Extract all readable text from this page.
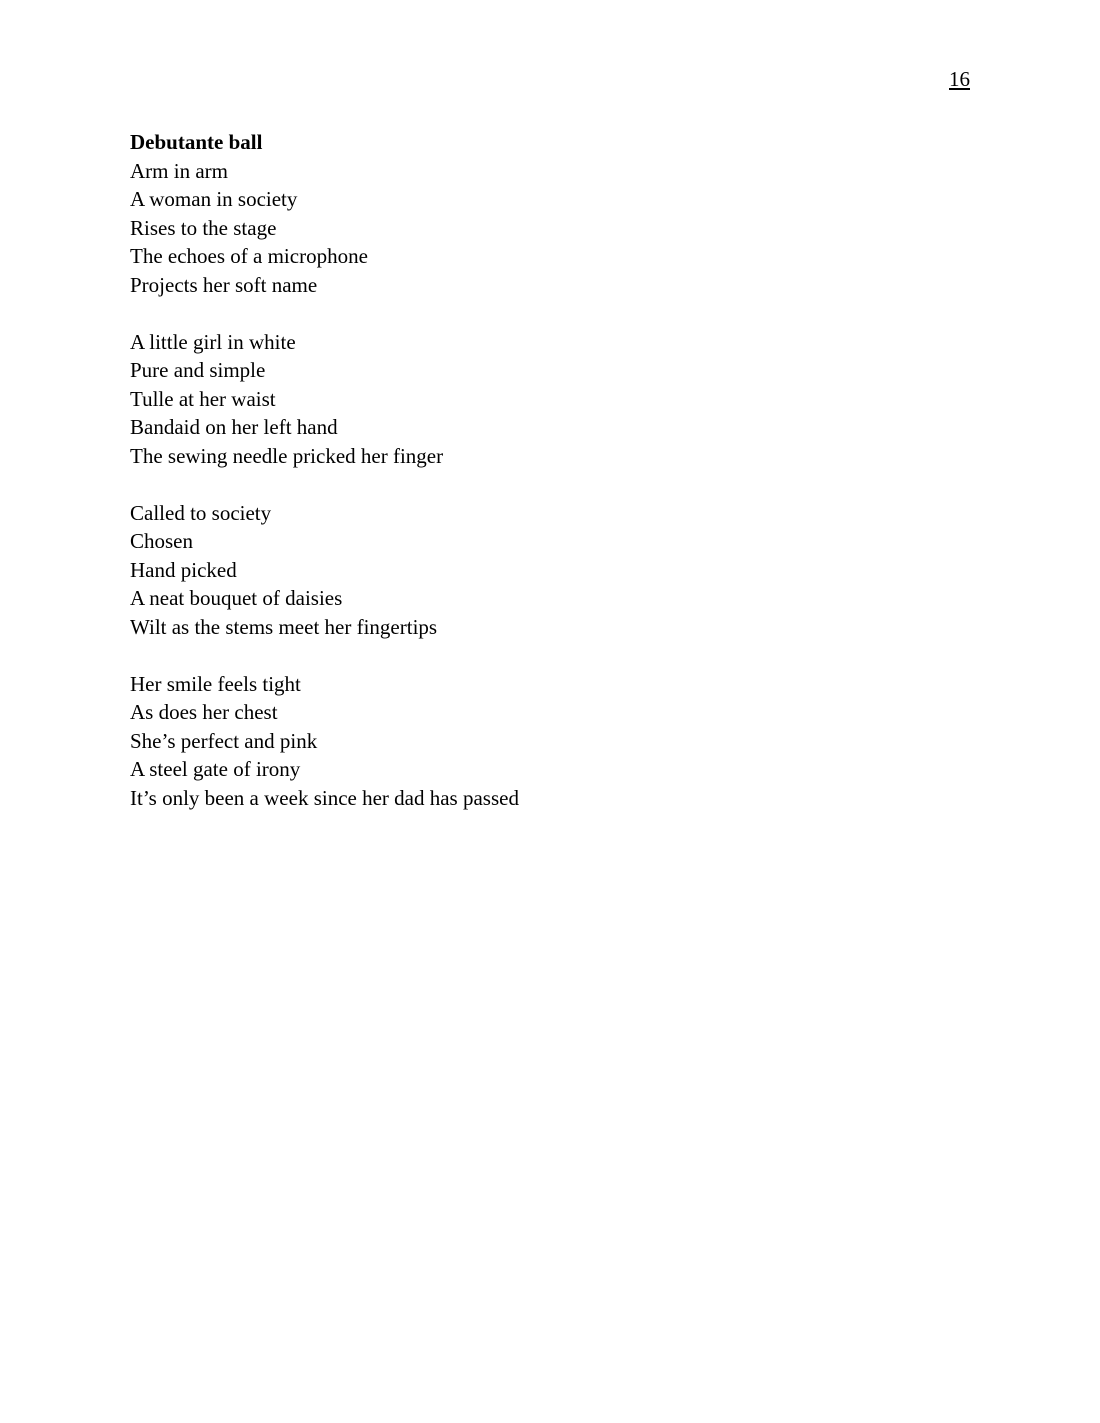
16
Debutante ball
Arm in arm
A woman in society
Rises to the stage
The echoes of a microphone
Projects her soft name
A little girl in white
Pure and simple
Tulle at her waist
Bandaid on her left hand
The sewing needle pricked her finger
Called to society
Chosen
Hand picked
A neat bouquet of daisies
Wilt as the stems meet her fingertips
Her smile feels tight
As does her chest
She’s perfect and pink
A steel gate of irony
It’s only been a week since her dad has passed
